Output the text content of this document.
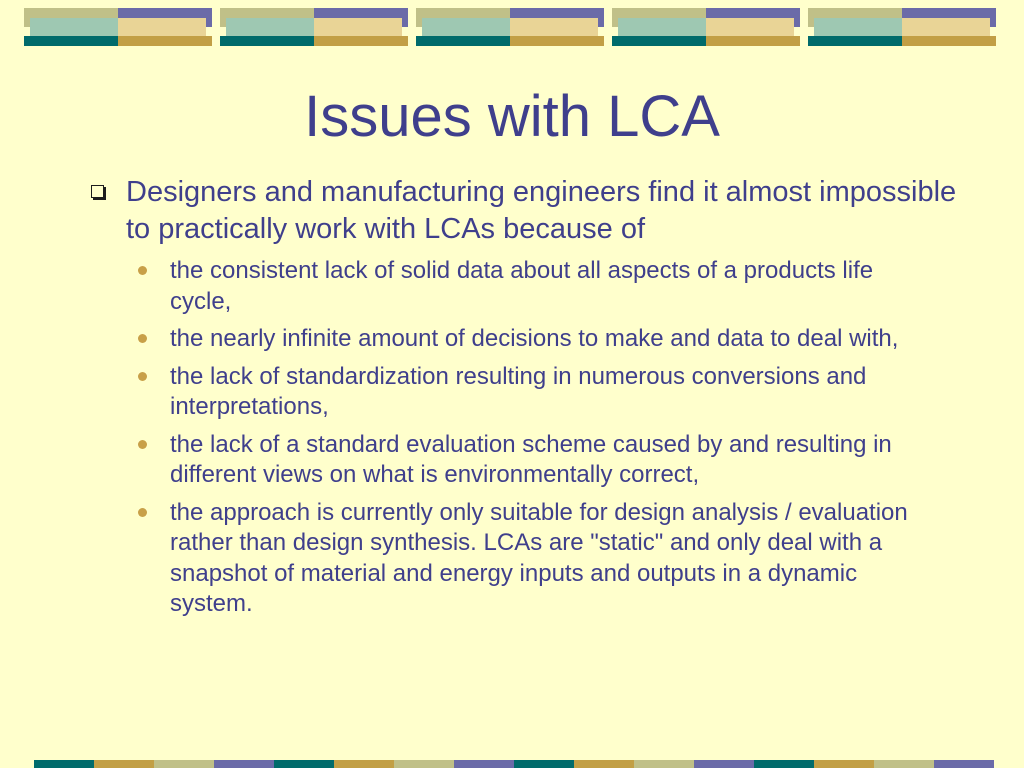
Issues with LCA

Designers and manufacturing engineers find it almost impossible to practically work with LCAs because of

the consistent lack of solid data about all aspects of a products life cycle,

the nearly infinite amount of decisions to make and data to deal with,

the lack of standardization resulting in numerous conversions and interpretations,

the lack of a standard evaluation scheme caused by and resulting in different views on what is environmentally correct,

the approach is currently only suitable for design analysis / evaluation rather than design synthesis. LCAs are "static" and only deal with a snapshot of material and energy inputs and outputs in a dynamic system.
